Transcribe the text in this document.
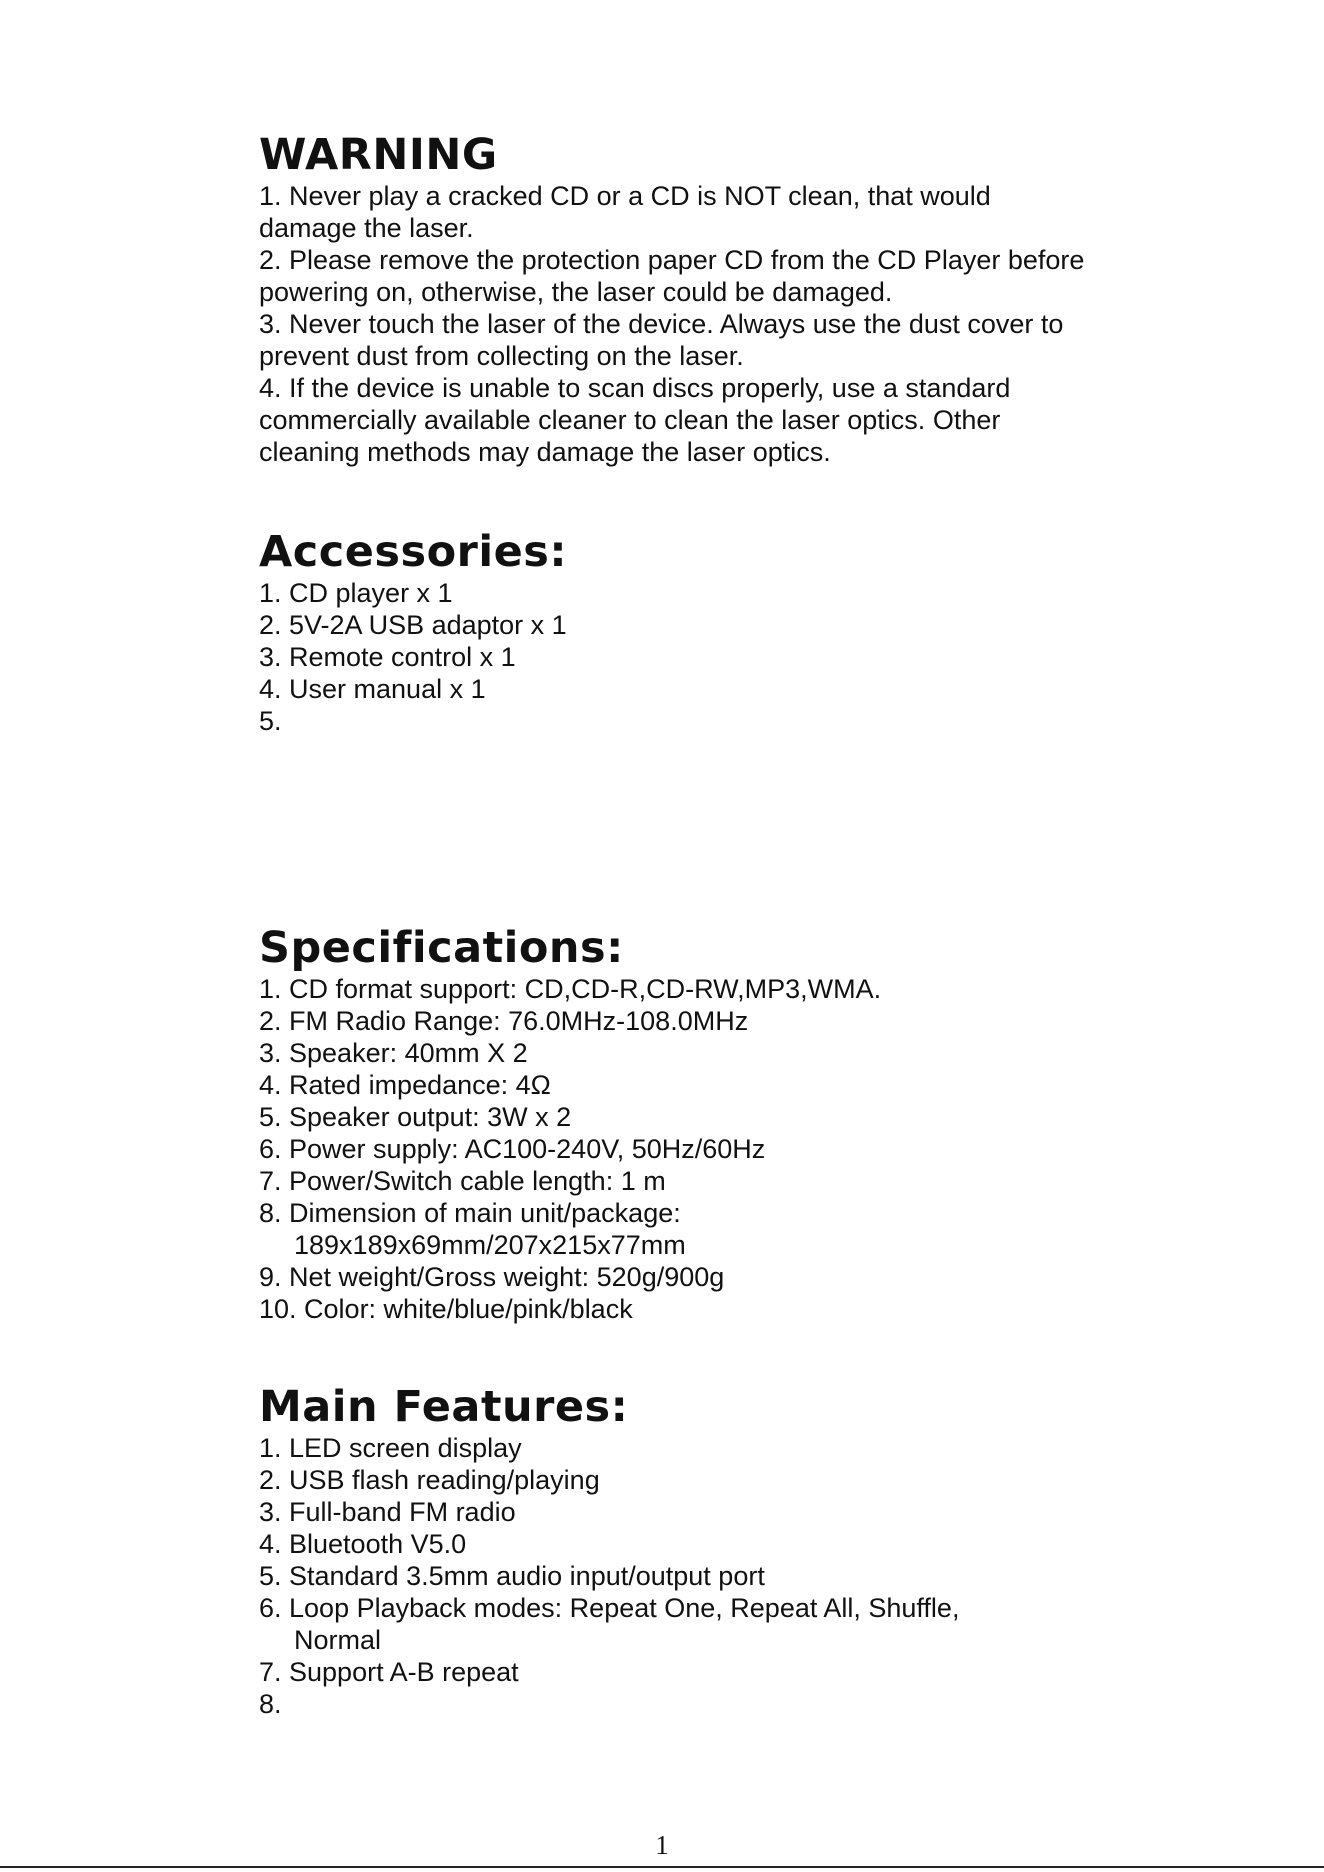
WARNING
1. Never play a cracked CD or a CD is NOT clean, that would damage the laser.
2. Please remove the protection paper CD from the CD Player before powering on, otherwise, the laser could be damaged.
3. Never touch the laser of the device. Always use the dust cover to prevent dust from collecting on the laser.
4. If the device is unable to scan discs properly, use a standard commercially available cleaner to clean the laser optics. Other cleaning methods may damage the laser optics.
Accessories:
1. CD player x 1
2. 5V-2A USB adaptor x 1
3. Remote control x 1
4. User manual x 1
5.
Specifications:
1. CD format support: CD,CD-R,CD-RW,MP3,WMA.
2. FM Radio Range: 76.0MHz-108.0MHz
3. Speaker: 40mm X 2
4. Rated impedance: 4Ω
5. Speaker output: 3W x 2
6. Power supply: AC100-240V, 50Hz/60Hz
7. Power/Switch cable length: 1 m
8. Dimension of main unit/package:
189x189x69mm/207x215x77mm
9. Net weight/Gross weight: 520g/900g
10. Color: white/blue/pink/black
Main Features:
1. LED screen display
2. USB flash reading/playing
3. Full-band FM radio
4. Bluetooth V5.0
5. Standard 3.5mm audio input/output port
6. Loop Playback modes: Repeat One, Repeat All, Shuffle,
Normal
7. Support A-B repeat
8.
1
